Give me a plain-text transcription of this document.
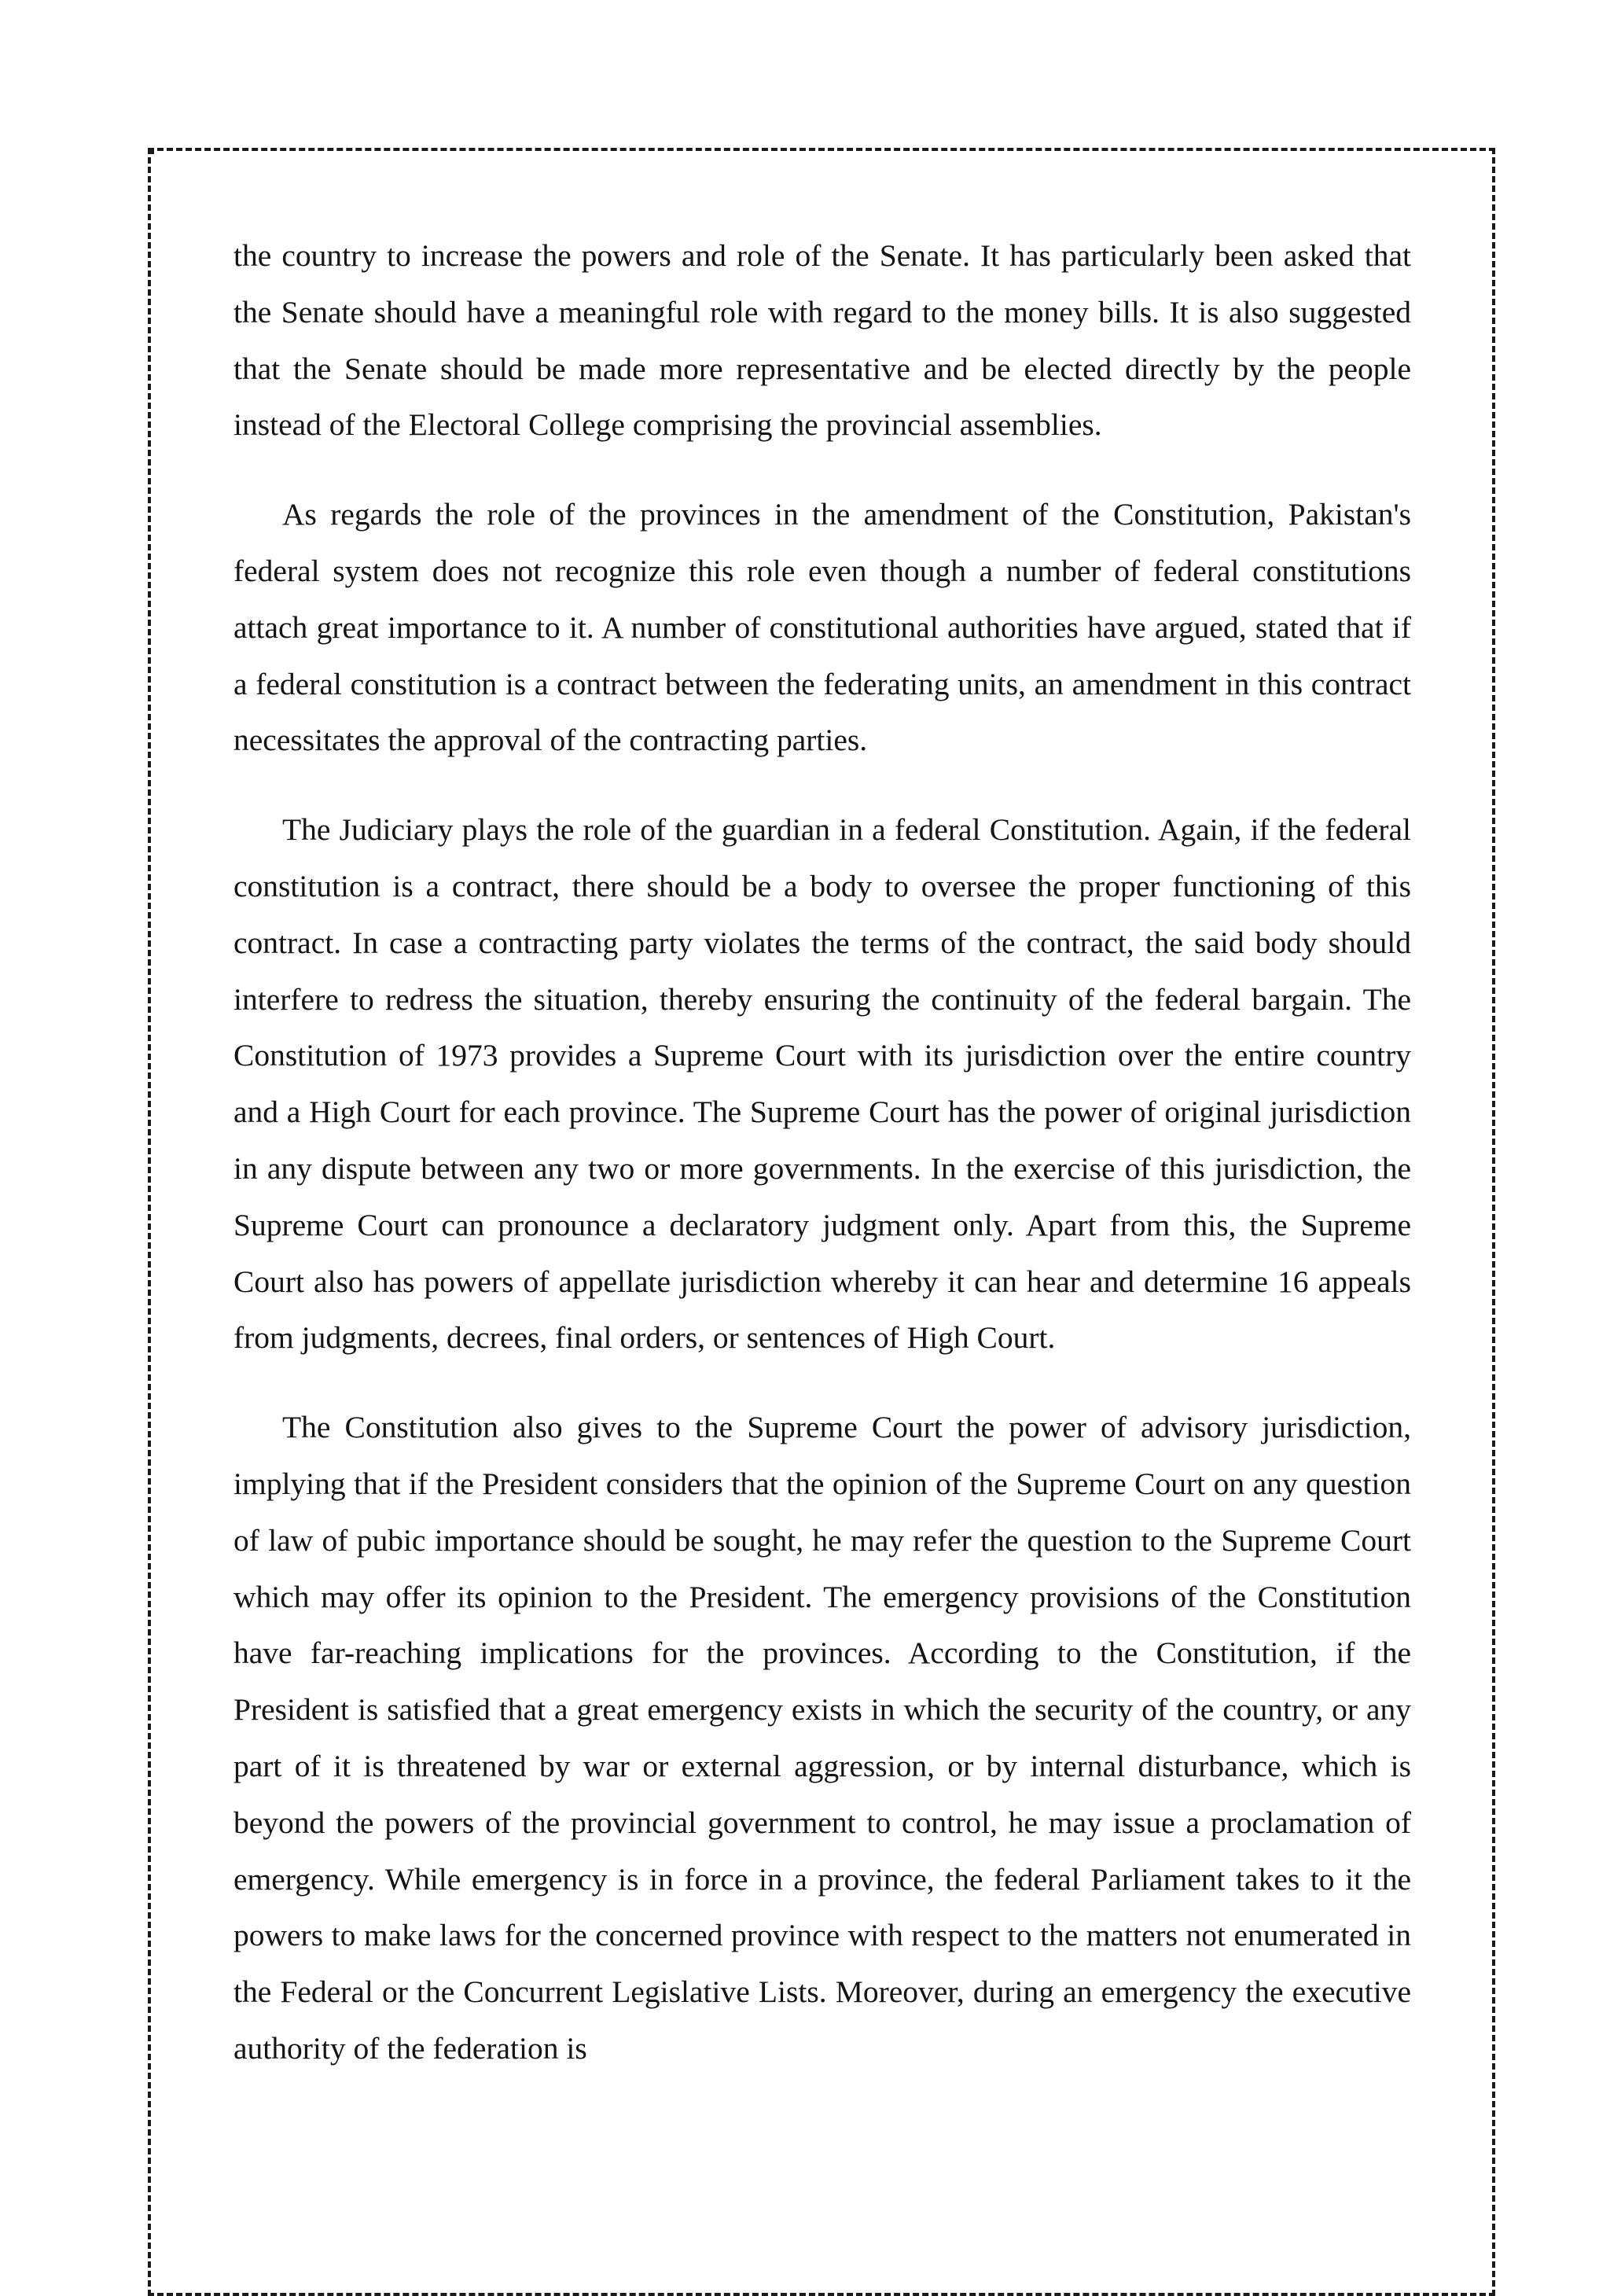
the country to increase the powers and role of the Senate. It has particularly been asked that the Senate should have a meaningful role with regard to the money bills. It is also suggested that the Senate should be made more representative and be elected directly by the people instead of the Electoral College comprising the provincial assemblies.

As regards the role of the provinces in the amendment of the Constitution, Pakistan's federal system does not recognize this role even though a number of federal constitutions attach great importance to it. A number of constitutional authorities have argued, stated that if a federal constitution is a contract between the federating units, an amendment in this contract necessitates the approval of the contracting parties.

The Judiciary plays the role of the guardian in a federal Constitution. Again, if the federal constitution is a contract, there should be a body to oversee the proper functioning of this contract. In case a contracting party violates the terms of the contract, the said body should interfere to redress the situation, thereby ensuring the continuity of the federal bargain. The Constitution of 1973 provides a Supreme Court with its jurisdiction over the entire country and a High Court for each province. The Supreme Court has the power of original jurisdiction in any dispute between any two or more governments. In the exercise of this jurisdiction, the Supreme Court can pronounce a declaratory judgment only. Apart from this, the Supreme Court also has powers of appellate jurisdiction whereby it can hear and determine 16 appeals from judgments, decrees, final orders, or sentences of High Court.

The Constitution also gives to the Supreme Court the power of advisory jurisdiction, implying that if the President considers that the opinion of the Supreme Court on any question of law of pubic importance should be sought, he may refer the question to the Supreme Court which may offer its opinion to the President. The emergency provisions of the Constitution have far-reaching implications for the provinces. According to the Constitution, if the President is satisfied that a great emergency exists in which the security of the country, or any part of it is threatened by war or external aggression, or by internal disturbance, which is beyond the powers of the provincial government to control, he may issue a proclamation of emergency. While emergency is in force in a province, the federal Parliament takes to it the powers to make laws for the concerned province with respect to the matters not enumerated in the Federal or the Concurrent Legislative Lists. Moreover, during an emergency the executive authority of the federation is
